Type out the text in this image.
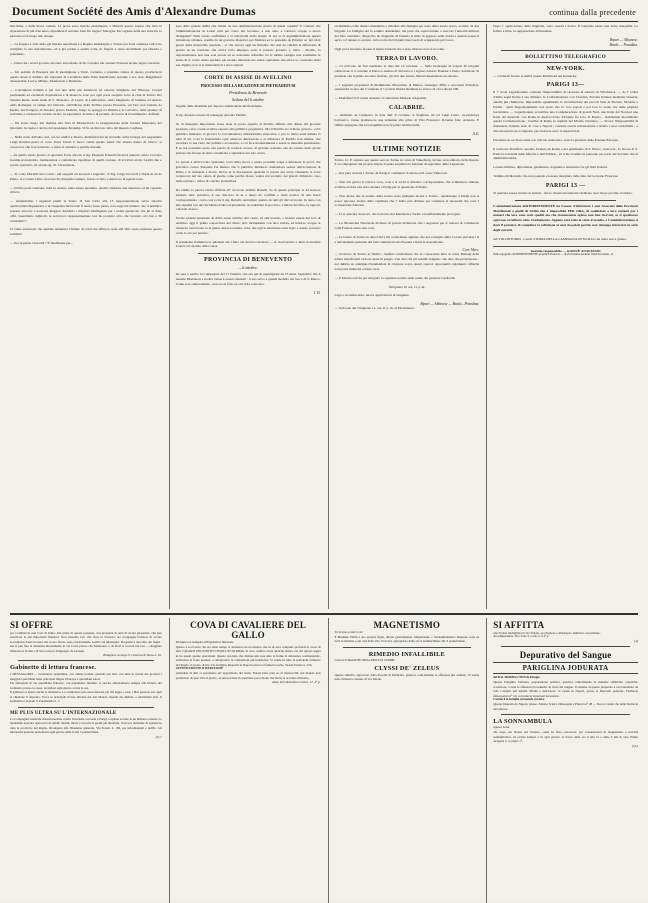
Document Société des Amis d'Alexandre Dumas	continua dalla precedente
macchina, e delle move caldaie. Le prove sono riuscite pienamente, e Martoli questo vapore che darà in riparazione di più d'un anno, riprenderà il servizio fatto fin bagno? Maraglia. Per ragione della sua velocità, la partenza avrà luogo alle cinque.
— La fregata a vela della già marina napolitana La Regina ammiraglia a Tolone per farsi ardattare l'elica ha compiuto la sua installazione, ed è già partita a quella volta, in fregata a ruote Archimede per ritirarla a prenderne.
— Diesi che i nostri governo sia stato autorizzato di far costruire nei cantieri Francesi alcune legni corazzate.
— Gli uomini di Piacenza più di guarnigione a Terni, vorranno a prendere stanza in questo provincie,in questo modo il numero dei regionari di Cavalleria nella Italia meridionale ascende a sei, cioè, Reggimenti Alessandria, Lucca, Milano, Monferrato e Piemonte.
— L'Artigliera italiana è già con una delle più numerose ed onorate artiglierie del l'Europa. Cacqui permanenti ed eventuali d'operazioni e di manovre sono per ogni parte eseguite sotto la città di Torino alla Venaria Reale, nelle lande di S. Maurizio, di Leyni, di Lombardore, nella lunghezza di Somma, ad Anzola nella Romagna, al campo del Ghiardo, sull'Oltrese della Trebbia presso Piacenza, sul Taro non lontano da Parma, nel Poligono di Sessano presso Modena, lungo le spiagge tra Rimini e la Cattolica, nelle pianure di Gabriano e cannone in occasio di tiro, in esperienze di arma e di proietti, di ricerca di rivestimenti e d'affusti.
— Ha avuto luogo ieri mattina alla Sala di Montecitorio la inaugurazione della Società Monetaria del Quartetto in capite è deciso dal presidente Kralamp. Vi fu un discorso letto dal maestro Lughese.
— Nella notte dell'altro ieri, ad ore undici e mezzo, manifestavasi un incendio nella bottega del negoziante Luigi Romano,posta al corso Porta Tondo il fuoco venne spento senza che alcuno danno di rilievo: si conosceva che il proprietario, e tanni si valutano a perdite davanti.
— In quello stesso giorno, al quartiere Porto ancora, il sig. Pasquale Eduardo moveva querela contro Ceccano Gentile,accusandolo, insinuandosi a comunicato ripetitore di quella scatone, di avvicinò stolto foratili due e grazia operativo, ed alcuni sig. 91-5 francheria.
— Si conte Martelli-Secco nini : tali sergenti ed arrestati i seguenti : il Sig. Luigi Zoccardi e Nardi,di un da Pietro, si è voluto l'altro ricorrere:fra Pasquale Lemare, il dato al fatto e detectore di uguale reato.
— D'altra parte venivano tratti in arresto, nella stessa quartiere, quattro chiudati, due disertori, ed un vagando di leva.
— Annunziamo i seguenti premi la Teatro di San Carlo alla 13 rappresentazione serva autorità quattrocentocinquantatre e di cinquanta mi brochè il teatro fosse pieno, non sopporta numero che il pubblico potesse arrecare a nostrane maggior desiderio i migliori intelligenza per i strani spettacoli, che gli si mise offri. Guardiamo inghiottì, le sottovoce rappresentazione non ha prodotto altro che trecento otto lire e 30 centesimi!!!
Ci viene assicurato che qualche domenica l'istituto di colui che affitta lo sede alla Villa reale ottenesse questa somma!!
— Per le penne l'autorità ? E finalmente per...
essa della grande utilità che risulta da una amministrazione giusta di questi capitali? E contrari che l'amministrazione di Loiati resti per conto del Governo, è una rana, e condoce scoppo a nuovi disinganni? Sulle stessa confidenza e la inferiorità dello statuto di noi la fa legittimizzazione questa istituzione ultranea, eredita da un governo dispotico per finitizza ea le pretenda de Principi ae' più tristi giorni della monarchia assoluta, , si cita ancora oggi un Principe che non ha validità la differenza di prezzo in un contratto che aveva fatto impegno sotto il passato governo ), tiarle , dicamo, la rappresentanza non una sola parola su so nazionale dobrebbe lia le ultime vestigia non solamente le nome di S. Carlo aensa perdette pel mondo musicale ma senza capitalista che allora lo coscienza della sua dignità, non vi si metterebbe li i suoi capitali.
CORTE DI ASSISE DI AVELLINO
PROCESSO DELLA REAZIONE DI PIETRADEFUSI
Presidenza de Benevole
Seduta del 6 ottobre
Seguito della disamina pel deposto testimoniale del Presidente.
Il sig. Rossaro arrestò di Giuseppe Antonio Petrillo.
Se di mangiare importanza l'esse stata la prova appello al Petrillo affinito alla difesa del giovane arrestato, certo costui avrebbe esposto alla pubblica pespitativa. Ma il Petrillo era il meno gravato , ed il pubblico ministero si giovarò lo raccomandava dichiarandolo innocente, o per lo meno assai dubbia la reità di lui. Così la interesdeita ogni ulteriore discussione e al difensore di Petrillo non rimane, che ricordare la sua certo del pubblico accusatore, e col fece modestamente e senza la menoma pretensione. E se noi possiamo porre una parola di conforto dovero di giovane arrestato che sia venuto dello glorie palesse che furono di tanto ornamento e splendore nei loro avola.
La parola è all'avvocato Quaranta. Così della bocca e senza prosabili sospe a difensore la prova che gravitava contro Pasquale De Rienzo che il pubblico ministero domandava sedere dell'accusione di Petito e la domanda a morte. Dovre la la discussione quanche la parola sua avere valutando la sorte crepuscolo nel suo stento di giudie come perché diesso ventra dal verdetto dei giurati dichiarato capo della restauro ; attivo di conciso promediata.
Da ultimo la parola venira affidata all' avvocato Achille Rubelli. Se in questa principio vi ha leonovi adunato tutte potuterso il suo discorso in se e meno da conflitta e dalla tecnica di una breve corrispondenza ; certo così è che il sig. Rubelli centralizzo quanto da tutti gli altri avvocati. In detta con una rapidità con una lucidezza d'idee sorprendente. Accademizò il processo , l'indole del fatto, le ragioni, i metodi di esso.
Svolse grande questione di dritto erano relative alla causa, ed alla leosaio, o mostrò essere nel loro di Avellino oggi il primo conoscitore del dritto; altri incidementi con luca invida, ed inilarve scoppe si chiedeva verrancano la si giuria descri-isvennuo volte che egli si mostrasse tanto ligio e questo governo come lo era pei passato.
Il presidente formulera le quistioni che i fatto tati devono risolvere — si. risolveremo a darla in anonide avanzi cui risoluto della causa.
PROVINCIA DI BENEVENTO
—6 ottobre.
Ier sera è partito la Compagnia del 17 fanteria, che era qui di guarnigione da 15 mesi. Sappiamo che il tenente Montanari e inoltre venne Lorenzo Iannotti : il suo servo e quindi modello sul luoco di S. Marco. Come son comprendente , non era in fatto su vita d'ira volevano.
I. D.
reclamiamo,come denaro mandando a chiedere alla famiglia per resto dello stesso servo, scortato da due briganti. La famiglia del la somma domandata, ma pure che sopravvenute a vescovo l'autorità militare del fatto anzidetto, dispaccho un drappello di fanteria si mise in aggauto sulla strada e quando passò il servo col denaro,lo arrestò. Alla scorta dei briganti riuscì però di scappareda pel bosco.
Oggi poi è ritornato fu essa il signor Iannotti che è stato liberato non si sa come.
TERRA DI LAVORO.
— Ci scrivono da San Germano in data del 10 corrente. — Sulle montagne di Capoli 30 briganti catturarono il 2 corrente il Parroco Andrea di Silvestro e i signori Alessio Boulder e Pietro Salomoni. Si pretende che il primo sia stato fucilato, gli altri due furono liberati dipendendo un riscatto.
— I seguenti proprietari di Piedimonte, Marcellino di Matteo, Giuseppe d'Elia e Giovanni d'Onofrio, sequestrati la sera del 3 venneno il 7 potti in libertà mediante lo sborso di circa ducati 500.
— Modafenci il 9 venne arrestato il camorrista Michele d'Agostini.
CALABRIE.
— Abbiamo da Catanzaro in data dell' 8 corrente. A Stagliano un tal Luigi Lauro, ex-predatore borbonico, venne promessore una somunna alle grido di Viva Francesco II.venne fatto arrestato. E rimilte appagone che la tranquillità non fu punto turbata nulla.
A.G.
ULTIME NOTIZIE
Torino 12. E capitato per questo sera in Torino in conto di Stakelberg, inviato straordinario della Russia. E accompagnato dal proprio nipote il quale assumerà le funzioni di segretario della Legazione.
— Son pure arrivati a Torino da Parigi il commend. Sciatola ed il conte Vimercati.
— Sino dal giorno 9 correva voce, cosa e si scrivi il ministro corrispondente, che il ministero italiano avrebbe avviata una nota risoluta a Parigi per le questione di Roma.
— Non dicesi che le notizie della nostra corte giungano sicure a Torino , quantunque a Parigi non si possa ignorare alcuna della vigilanza che l' Italia può abbiare per sostenere la necessità che cosa l' occupazione francese.
— Ci si assicura di nuovo, che il ritorno del Renchetti a Torino è indefinitamente prorogato.
— La Monarchia Nazionale dichiara di potersi dichiarare che i negoziati per il trattato di commercio colla Francia siano stati rotti.
— Le lettere di Torino in data d'ieri (16) confermano appieno che nel consiglio della Corona prevalse i sì e dell'unanime generale del fatti comunicati alla Fiesana e finiti in Aspromonte.
Corr. Merc.
— Scrivono da Torino al Diritto : Sembra confermarsi che la conoscenza fatta al conte Buslogi delle lettere meridionali vada in suale in pregio. Che dire che gli assumi vengano: che dice che protesterano , nei dubbio su adempie,vivendendosi di ritornare sopra questi onerosi opportunità argomento affinché non possa indurarsi a fonte certa.
— Il Mosticoceh ha per telegrafo la seguente notizia sulla salute del generale Garibaldi:
Varignano 10 ore, 11 p. m.
Lega a recrudescenza, nuova applicazioni di sanguine.
Ripari — Albanese — Basile—Prandina.
— Scrivono dal Varignano 11, ore 11 p. m. al Movimento:
Dopo l' applicazione delle mignatte, sono cessati i dolori. Il Generale passò una notte tranquilla. La febbre è mite, la suppurazione abbondante.
Ripari — Albanese.
Basile — Prandina.
BOLLETTINO TELEGRAFICO
NEW-YORK.
— I federali furono sconfitti presso Richmond nel Kentucky.
PARIGI 13—
Il 7 art.di Lagarmonière contiena l'impossibilità di ritornare al trattato di Villafranca. — Se l' Unità d'Italia seguì Roma è sua chimera, la Confederazione con l'Austria, Polonia Italiana mediante Venezia, anteile più chimerose. Impossibile egualmente la ricostituzione dei piccoli Stati di Firenze, Modena e Parma : quali disgraziatamente non erano che lo' loro popoli e poi loro lo erano che delle prigioni lasciandole — Lagarmoniere eccezifice una Confederazione di grandi Stati, una Italia del Nord,ed una Italia del mezzodì, con Roma in mezzo,vivole d'Unanie fra loro. Il Papato , dominando moralmente questa Confederazione , farebbe di Roma la capitale del Mondo Cristiano. — Invece l'impossibilità di mantenere l'attuale stato di cose a Napoli ; consista eaardi restaurazione a Roma i suoi consolidati ; e dite necessario un Congresso per risolvere sorta le superiti Irai.
Devianno in tre Stati, unisi con vincolo federativo, sotto la garanzia delle Potenze Europee.
Il territorio Pontificio sarebbe formato da Roma e del patrimonio di S. Pietro , riserverà , le favore di S. Pater la sovranità delle Marche e dell'Umbria , ed il Re avrebbe in perpetuo per parte del Sovrano che le amministrerebbe.
Laonne militare, diplomazia, giudiziaria, doganale e monetaria fra gli Stati Italiani.
Termina dichiarando che non potendo el essere interpreto delle idee del Governo Francese.
PARIGI 13 —
Si assicura essere inviata la notizia , che le obiezioni federativi debbano aver luogo pel fine d'ottobre.
L'amministrazione dell'INDIPENDENTE ha l'onore d'informare i suoi Associati delle Provincie Meridionali e quelli di Sicilia che è impossibile PER ORA, di soddisfare a loro reclami per i numeri che loro sono stati spediti ma che cionoustante egiuso non han ricevuti, se si spedissero ogni non avrebbero altro risultamento. Appena sarà tolto lo stato d'assedio, e l'amministrazione si darà il pensiero di compilare la collezione ai suoi Associati perchè non rimanga interrotta la serie degli estratti.
del VOLONTURIO , e nella STORIA DELLA CAMPAGNA DI SICILIA che unita non è giunta.
Gerente responsabile — GIOSUÈ ANASTASIO
Nella tipografia dell'INDIPENDENTE proprietà Francesi — di via Pessina Andreni Vendi Giovanni, 11
SI OFFRE
per Commercio una Casa di Italia; alla piana di questa presente, con proprietà di anni di sicura guaranzia, che può esercitare le più importanti funzioni. Non presenta loro che circa la Sotracta: sia aconpagna formosa di avviso Gavallorias d'una Società che ai suo favore sono, necessitando novità con Morbigno: Prospettiva descritto dei bagni : noi si può fare la domanda direttamente in via Costa presso che Mantoano, o da Rovi si troverà nel loro — Reggiate d'intorno il Scribe e in Via Corsa la Sangiorgio di Luciano.
Bolagnere al largo S. Caterina di Siena n. 20.
Gabinetto di lettura francese.
I MESSAGGERI — Letteratura quotidiana, con ultime notizie, giornali più letti, con tutte le novità dei giornali i maggiori quotidiani nelle principali lingue d'Europa e quotidiani esteri.
Per abbonarsi in via quotidiana francese, con pagamento mensile: si servire abbonamento sempre alla libreria del Gabinetto presso la cassa, recandosi ogni giorno a tutte le ore.
Il gabinetto è aperto anche la domenica. Le condizioni sono assai discrete per chi legge a casa; i libri possono per ogni si chiedono il deposito. Trova le principali riviste, Rivista dei due Mondi, Journal des Débats, e moltissimi altri. Il Gabinetto è ai piani S. Ferdinando n. 7.
ME PLUS ULTRA SU L'INTERNAZIONALE
La Compagnia Generale d'Assicurazione contro l'incendio con sede a Parigi, Capitale sociale di un milione e mezzo, la medesima assicura ogni sorta di stabili, mobili, merci e raccolti ai premi più moderati. Si riceve domande di agenzie in tutte le provincie del Regno. Rivolgersi alla Direzione generale, Via Toledo n. 184, per informazioni e tariffe. Gli interessati possono presentarsi ogni giorno dalle 9 alle 3 pomeridiane.
(5) 1
COVA DI CAVALIERE DEL GALLO
Premiato con medaglia all'Esposizione Nazionale
Questo è la ricordo che era tanto tempo si attendeva da un medico che sa di aver compiuto profondo il corso di tutti i QUARTI DEI POSITIVI ISSOLUTI DI RIMA, in vero, sembra avere qualche durata, sia che questo segua in tre questi quante operazioni. Questo prodotto che diviene più cura tutte le forme di debolezza costituzionale, restituisce le forze perdute, e rinvigorisce le costituzioni più indebolite. Si vende in tutte le principali farmacie del Regno al prezzo di lire 3 la bottiglia. Depositi in Napoli presso la farmacia Gallo, Strada Toledo n. 256.
ATTENTI FRONTE D'ISTRUZIONE
Attendete di altri si acquistano all' apparizione dei nomi. Notasi bene pure su di manoscritti, nel mondo non parlandosi da que' altro il presto , si può portarsi in questione porta molte che molto si accennò d'intorno.
Aluta Vero Ronchino Carico, 17, 4° p.
MAGNETISMO
Si ricevono a tutte le ore
Il Madame Pellin e sua propria figlia, diretta giornalmente, Magnetismo e Sonnambulismo! Risposte certe su tutte le malattie e sui casi della vita. Si riceve ogni giorno dalle ore 9 antimeridiane alle 3 pomeridiane.
RIMEDIO INFALLIBILE
Contro LE MALATTIE DELLA PELLE IN GENERE
CLYSSI DE' ZELEUS
Questo rimedio, approvato dalla Facoltà di Medicina, guarisce radicalmente le affezioni più ostinate. Si vende nella farmacia centrale di via Toledo.
SI AFFITTA
una Stanza mobigliata in via Toledo, per Signore o impiegato. Indirizzo al portinaio.
alla indipendente, Vico Sotto S. Carlo, n. 4 4° p.
(4)
Depurativo del Sangue
PARIGLINA JODURATA
del Prof. MORELLI NINI de Perugia
Questa Pariglina Jodurata, preparazione perfetta, guarisce radicalmente le malattie sifilitiche, erpetiche, scrofolose, e tutte le affezioni provenienti da vizio del sangue. Il sistema di questo preparato è raccomandato da tutti i medici più distinti d'Italia e dell'estero. Si vende in Napoli, presso il Deposito generale, Farmacia Omeopatica n° 10, con tutte le istruzioni necessarie.
Cartino il la bottiglia col metodo curativo
Questo Deposito in Napoli, presso d'Anzio Scalzi, Omeopatia a Pizzola n° 28 — Non si vende che nelle farmacie autorizzate.
LA SONNAMBULA
signora Luisa
che dopo sua Stanza nel Vomero, come ha fatto conoscere, per consultazioni di magnetismo e lucidità sonnambolica, ed avvisa sempre e in ogni giorno: si riceve dalle ore 9 alle 12 e dalle 3 alle 6, vico Primo Aragone n. 4, piano 1°.
(5) 4
